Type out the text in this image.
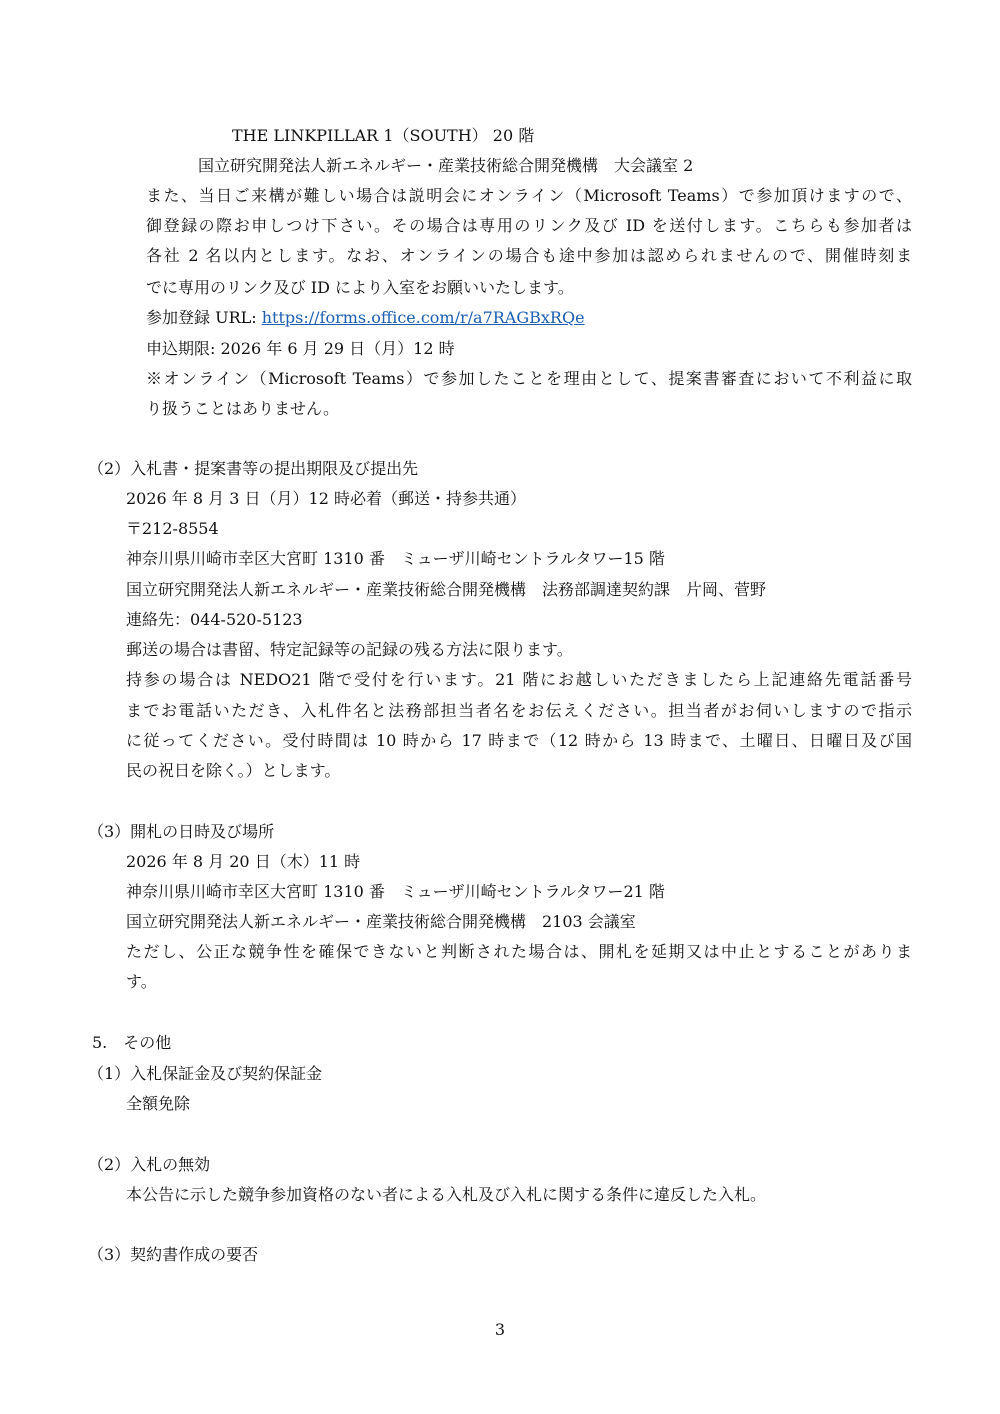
THE LINKPILLAR 1（SOUTH） 20 階
国立研究開発法人新エネルギー・産業技術総合開発機構　大会議室 2
また、当日ご来構が難しい場合は説明会にオンライン（Microsoft Teams）で参加頂けますので、
御登録の際お申しつけ下さい。その場合は専用のリンク及び ID を送付します。こちらも参加者は
各社 2 名以内とします。なお、オンラインの場合も途中参加は認められませんので、開催時刻ま
でに専用のリンク及び ID により入室をお願いいたします。
参加登録 URL: https://forms.office.com/r/a7RAGBxRQe
申込期限: 2026 年 6 月 29 日（月）12 時
※オンライン（Microsoft Teams）で参加したことを理由として、提案書審査において不利益に取
り扱うことはありません。
（2）入札書・提案書等の提出期限及び提出先
2026 年 8 月 3 日（月）12 時必着（郵送・持参共通）
〒212-8554
神奈川県川崎市幸区大宮町 1310 番　ミューザ川崎セントラルタワー15 階
国立研究開発法人新エネルギー・産業技術総合開発機構　法務部調達契約課　片岡、菅野
連絡先：044-520-5123
郵送の場合は書留、特定記録等の記録の残る方法に限ります。
持参の場合は NEDO21 階で受付を行います。21 階にお越しいただきましたら上記連絡先電話番号
までお電話いただき、入札件名と法務部担当者名をお伝えください。担当者がお伺いしますので指示
に従ってください。受付時間は 10 時から 17 時まで（12 時から 13 時まで、土曜日、日曜日及び国
民の祝日を除く。）とします。
（3）開札の日時及び場所
2026 年 8 月 20 日（木）11 時
神奈川県川崎市幸区大宮町 1310 番　ミューザ川崎セントラルタワー21 階
国立研究開発法人新エネルギー・産業技術総合開発機構　2103 会議室
ただし、公正な競争性を確保できないと判断された場合は、開札を延期又は中止とすることがありま
す。
5.　その他
（1）入札保証金及び契約保証金
全額免除
（2）入札の無効
本公告に示した競争参加資格のない者による入札及び入札に関する条件に違反した入札。
（3）契約書作成の要否
3
